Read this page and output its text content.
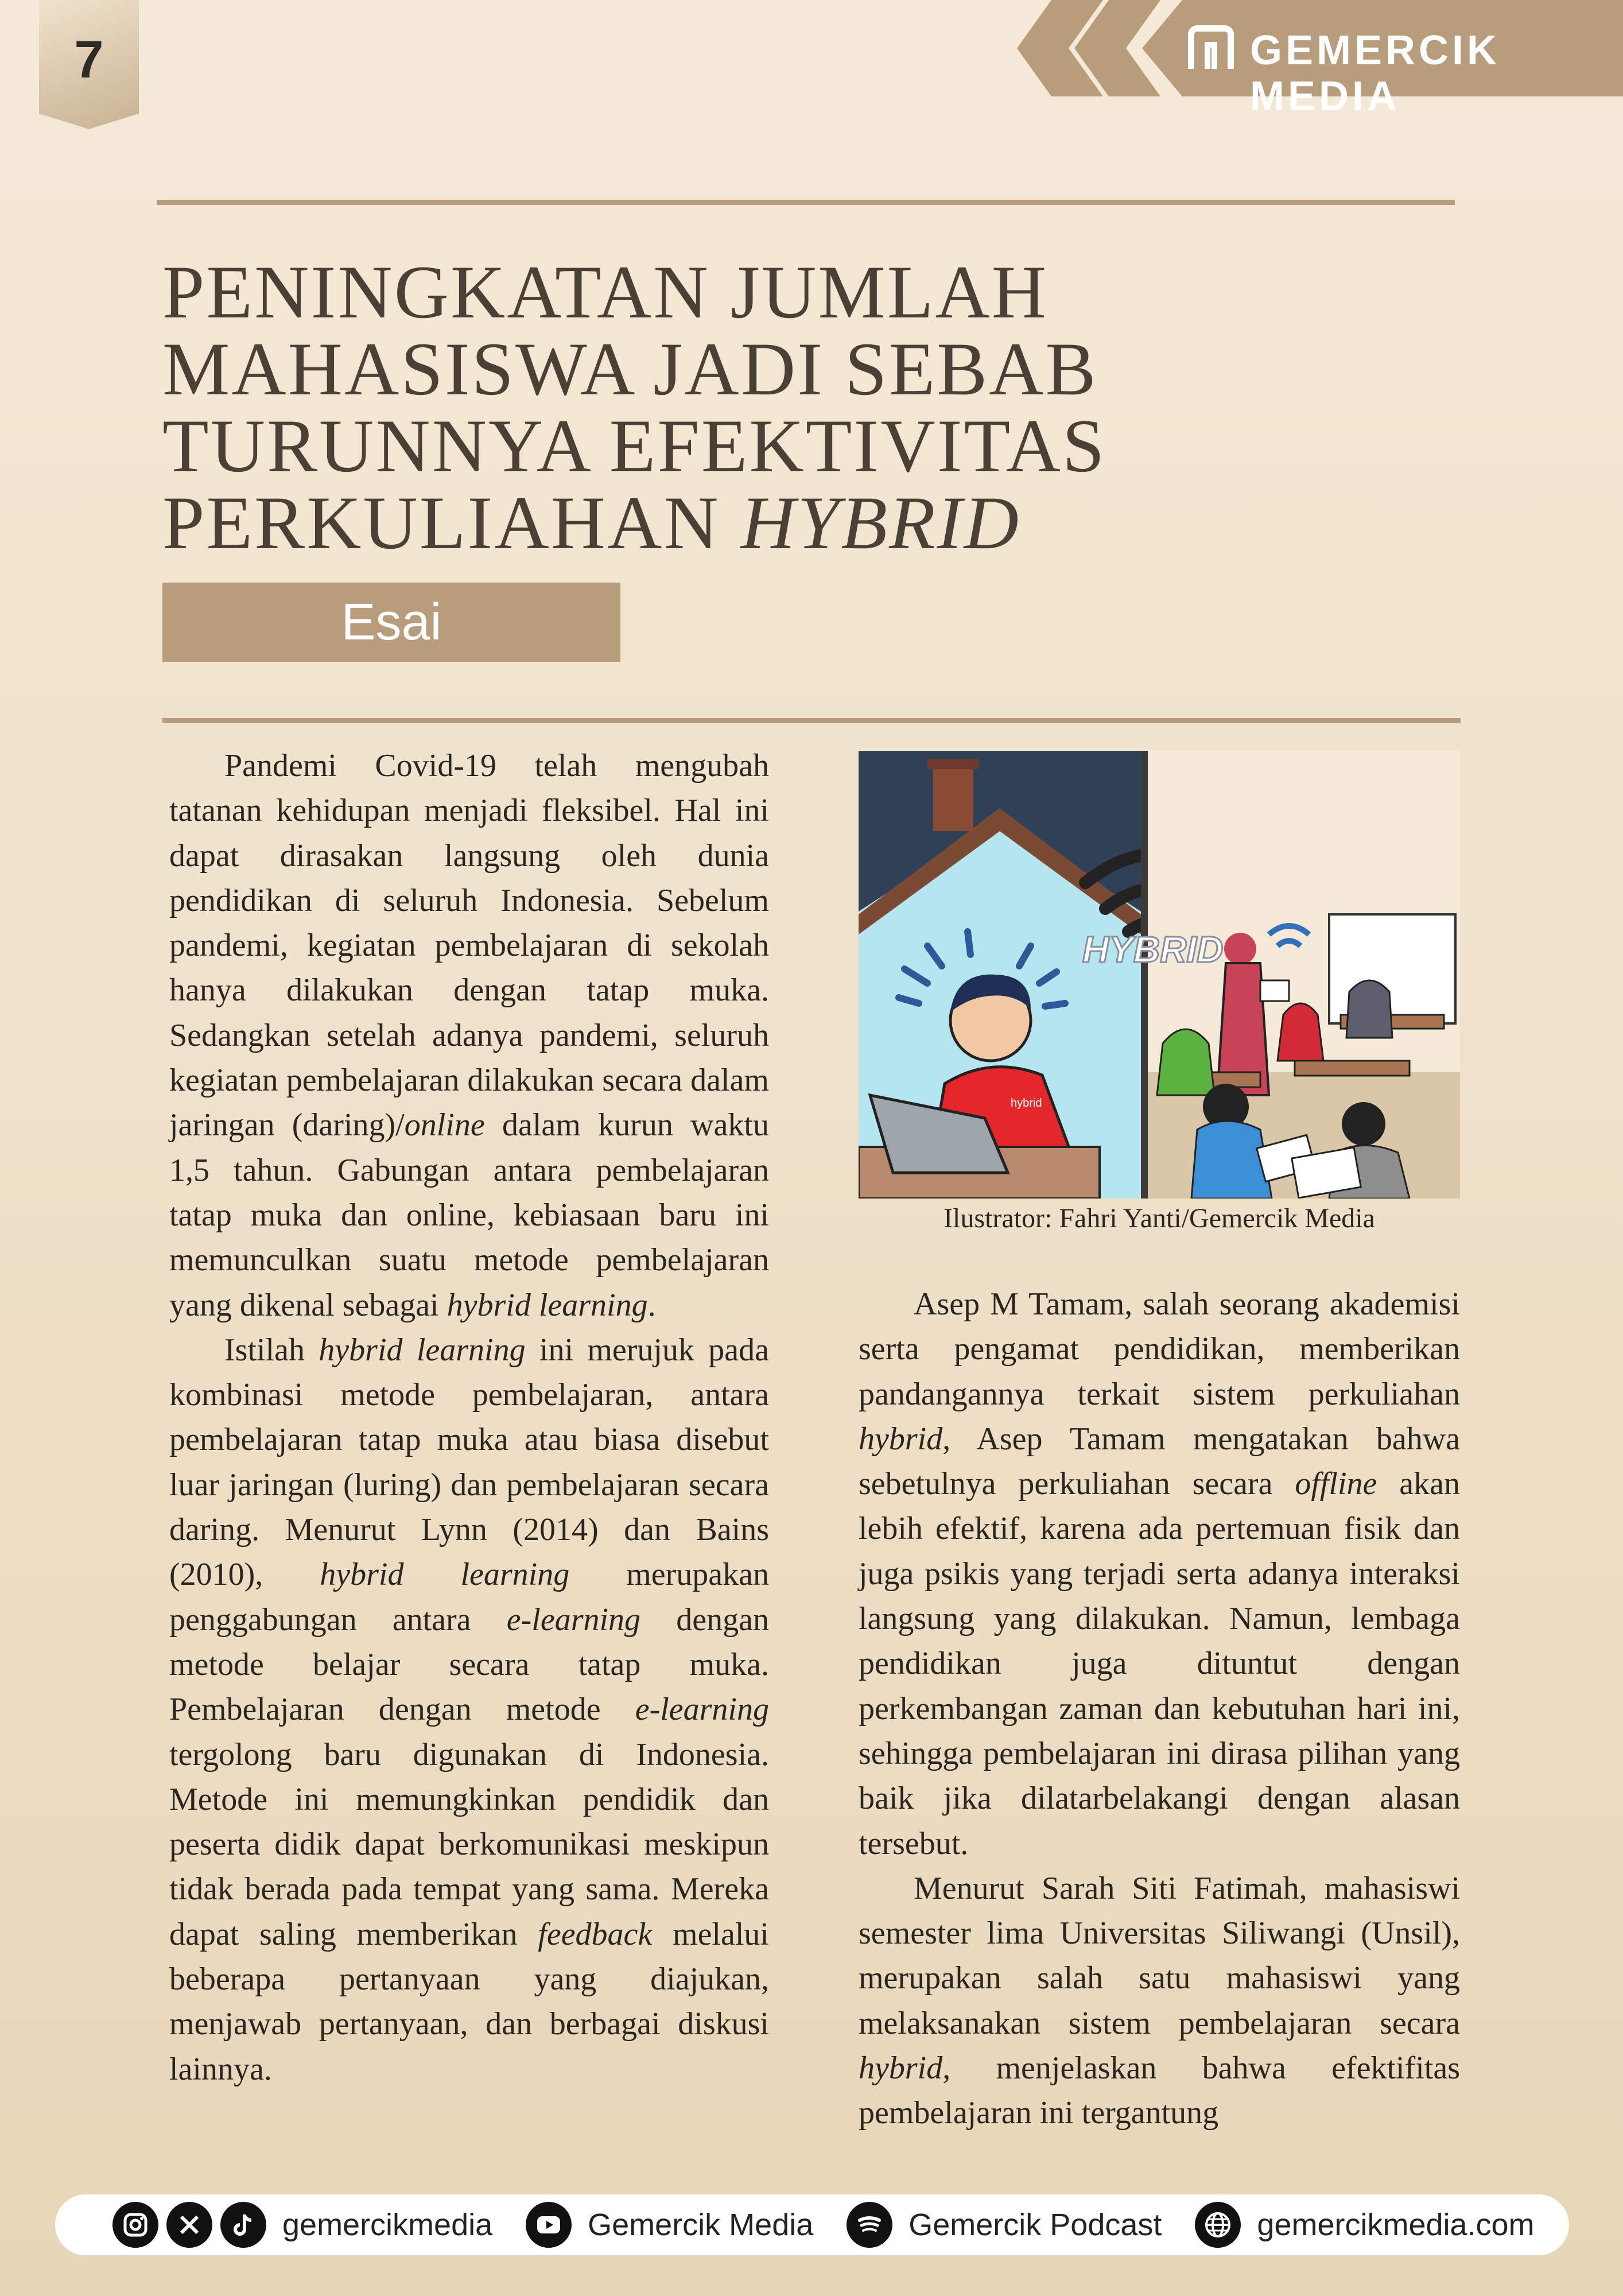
7	GEMERCIK MEDIA
PENINGKATAN JUMLAH
MAHASISWA JADI SEBAB
TURUNNYA EFEKTIVITAS
PERKULIAHAN HYBRID
Esai

Pandemi Covid-19 telah mengubah tatanan kehidupan menjadi fleksibel. Hal ini dapat dirasakan langsung oleh dunia pendidikan di seluruh Indonesia. Sebelum pandemi, kegiatan pembelajaran di sekolah hanya dilakukan dengan tatap muka. Sedangkan setelah adanya pandemi, seluruh kegiatan pembelajaran dilakukan secara dalam jaringan (daring)/online dalam kurun waktu 1,5 tahun. Gabungan antara pembelajaran tatap muka dan online, kebiasaan baru ini memunculkan suatu metode pembelajaran yang dikenal sebagai hybrid learning.

Istilah hybrid learning ini merujuk pada kombinasi metode pembelajaran, antara pembelajaran tatap muka atau biasa disebut luar jaringan (luring) dan pembelajaran secara daring. Menurut Lynn (2014) dan Bains (2010), hybrid learning merupakan penggabungan antara e-learning dengan metode belajar secara tatap muka. Pembelajaran dengan metode e-learning tergolong baru digunakan di Indonesia. Metode ini memungkinkan pendidik dan peserta didik dapat berkomunikasi meskipun tidak berada pada tempat yang sama. Mereka dapat saling memberikan feedback melalui beberapa pertanyaan yang diajukan, menjawab pertanyaan, dan berbagai diskusi lainnya.

hybrid
HYBRID
Ilustrator: Fahri Yanti/Gemercik Media

Asep M Tamam, salah seorang akademisi serta pengamat pendidikan, memberikan pandangannya terkait sistem perkuliahan hybrid, Asep Tamam mengatakan bahwa sebetulnya perkuliahan secara offline akan lebih efektif, karena ada pertemuan fisik dan juga psikis yang terjadi serta adanya interaksi langsung yang dilakukan. Namun, lembaga pendidikan juga dituntut dengan perkembangan zaman dan kebutuhan hari ini, sehingga pembelajaran ini dirasa pilihan yang baik jika dilatarbelakangi dengan alasan tersebut.

Menurut Sarah Siti Fatimah, mahasiswi semester lima Universitas Siliwangi (Unsil), merupakan salah satu mahasiswi yang melaksanakan sistem pembelajaran secara hybrid, menjelaskan bahwa efektifitas pembelajaran ini tergantung

gemercikmedia	Gemercik Media	Gemercik Podcast	gemercikmedia.com
